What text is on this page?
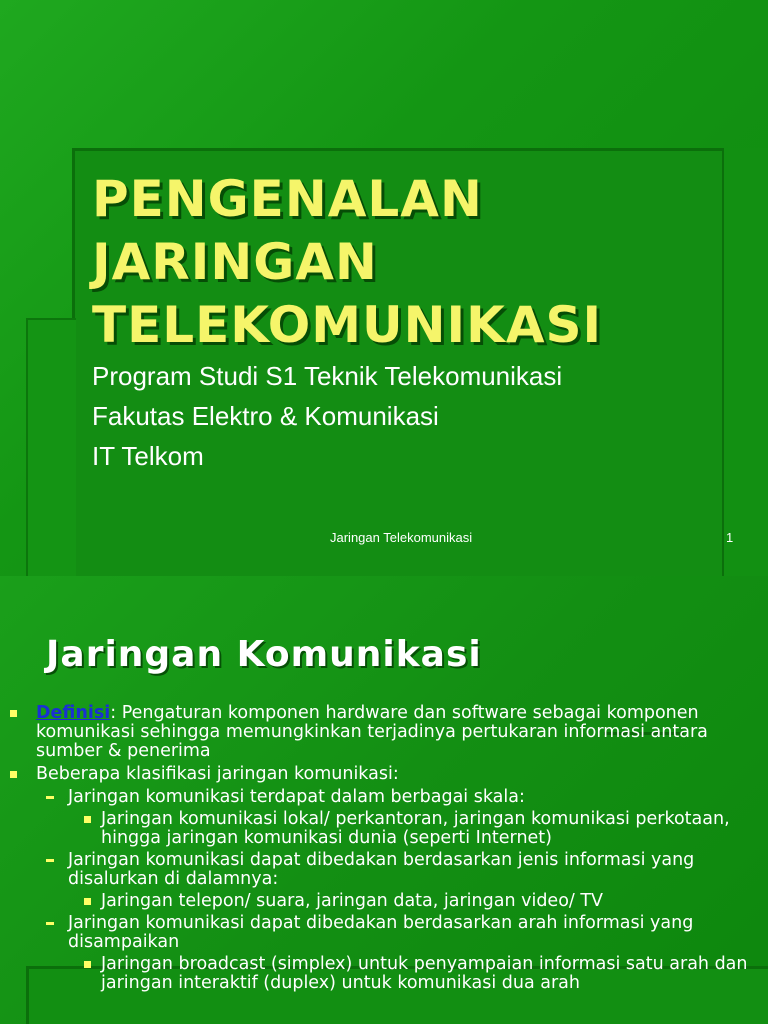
PENGENALAN
JARINGAN
TELEKOMUNIKASI
Program Studi S1 Teknik Telekomunikasi
Fakutas Elektro & Komunikasi
IT Telkom
Jaringan Telekomunikasi	1
Jaringan Komunikasi
Definisi: Pengaturan komponen hardware dan software sebagai komponen komunikasi sehingga memungkinkan terjadinya pertukaran informasi antara sumber & penerima
Beberapa klasifikasi jaringan komunikasi:
Jaringan komunikasi terdapat dalam berbagai skala:
Jaringan komunikasi lokal/ perkantoran, jaringan komunikasi perkotaan, hingga jaringan komunikasi dunia (seperti Internet)
Jaringan komunikasi dapat dibedakan berdasarkan jenis informasi yang disalurkan di dalamnya:
Jaringan telepon/ suara, jaringan data, jaringan video/ TV
Jaringan komunikasi dapat dibedakan berdasarkan arah informasi yang disampaikan
Jaringan broadcast (simplex) untuk penyampaian informasi satu arah dan jaringan interaktif (duplex) untuk komunikasi dua arah
